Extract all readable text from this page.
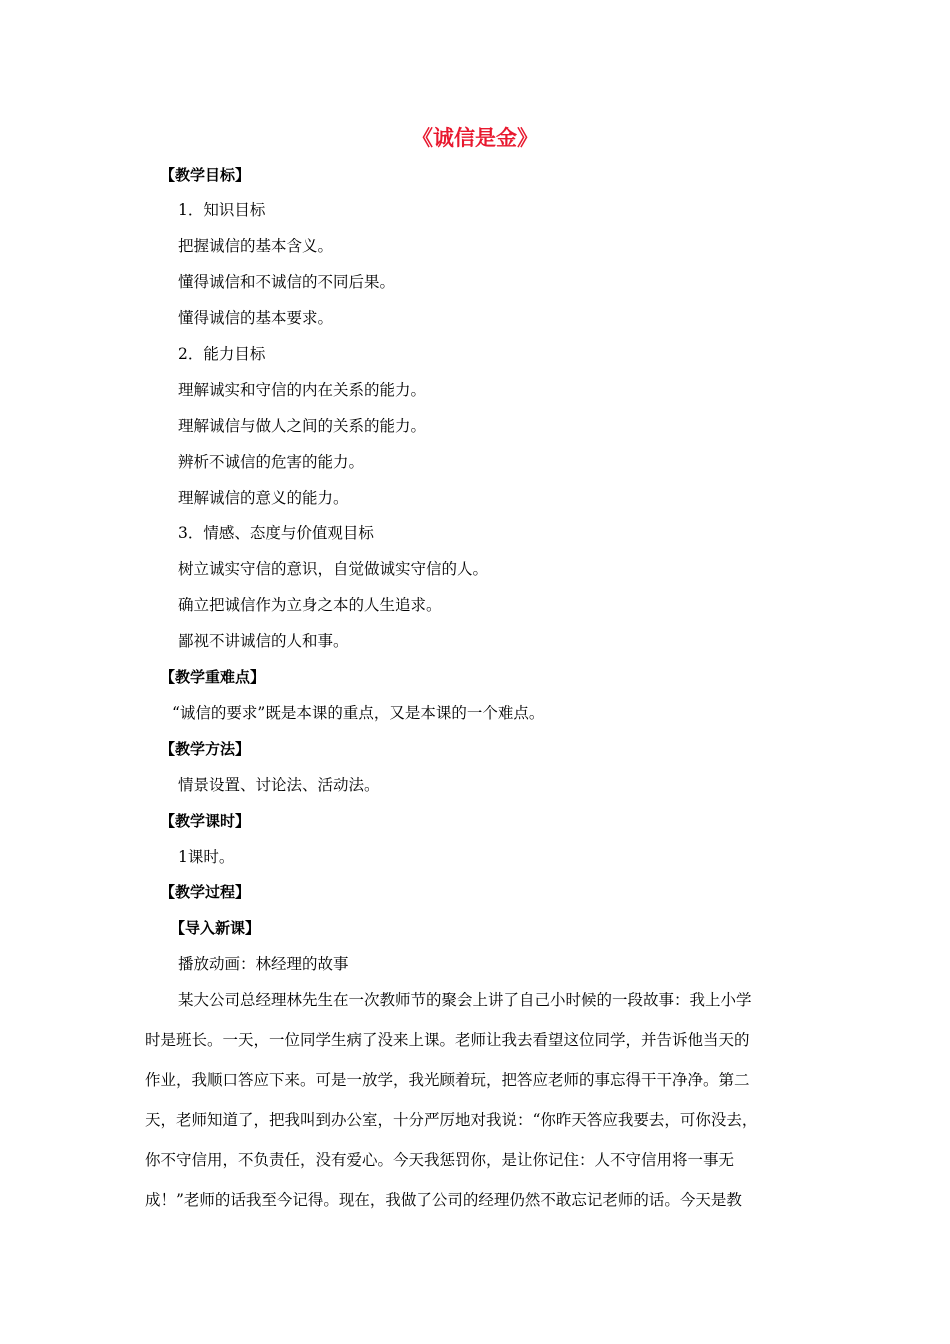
《诚信是金》
【教学目标】
1．知识目标
把握诚信的基本含义。
懂得诚信和不诚信的不同后果。
懂得诚信的基本要求。
2．能力目标
理解诚实和守信的内在关系的能力。
理解诚信与做人之间的关系的能力。
辨析不诚信的危害的能力。
理解诚信的意义的能力。
3．情感、态度与价值观目标
树立诚实守信的意识，自觉做诚实守信的人。
确立把诚信作为立身之本的人生追求。
鄙视不讲诚信的人和事。
【教学重难点】
“诚信的要求”既是本课的重点，又是本课的一个难点。
【教学方法】
情景设置、讨论法、活动法。
【教学课时】
1课时。
【教学过程】
【导入新课】
播放动画：林经理的故事
某大公司总经理林先生在一次教师节的聚会上讲了自己小时候的一段故事：我上小学
时是班长。一天，一位同学生病了没来上课。老师让我去看望这位同学，并告诉他当天的
作业，我顺口答应下来。可是一放学，我光顾着玩，把答应老师的事忘得干干净净。第二
天，老师知道了，把我叫到办公室，十分严厉地对我说：“你昨天答应我要去，可你没去，
你不守信用，不负责任，没有爱心。今天我惩罚你，是让你记住：人不守信用将一事无
成！”老师的话我至今记得。现在，我做了公司的经理仍然不敢忘记老师的话。今天是教
